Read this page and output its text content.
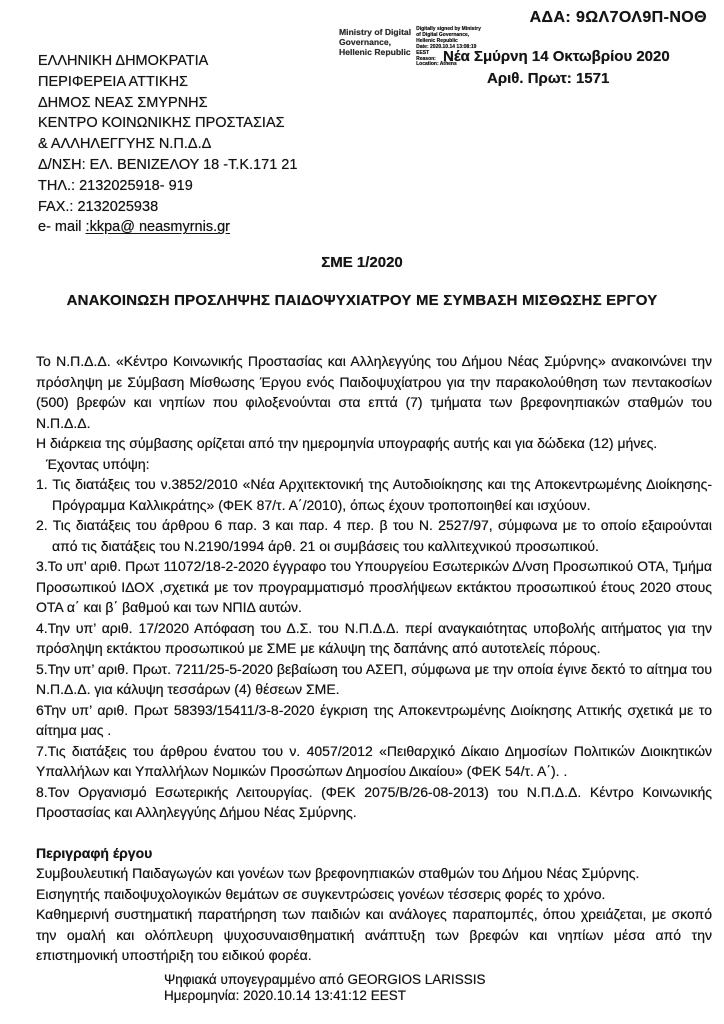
ΑΔΑ: 9ΩΛ7ΟΛ9Π-ΝΟΘ
Ministry of Digital
Governance,
Hellenic Republic
Digitally signed by Ministry
of Digital Governance,
Hellenic Republic
Date: 2020.10.14 13:08:19
EEST
Reason:
Location: Athens
Νέα Σμύρνη 14 Οκτωβρίου 2020
Αριθ. Πρωτ: 1571
ΕΛΛΗΝΙΚΗ ΔΗΜΟΚΡΑΤΙΑ
ΠΕΡΙΦΕΡΕΙΑ ΑΤΤΙΚΗΣ
ΔΗΜΟΣ ΝΕΑΣ ΣΜΥΡΝΗΣ
ΚΕΝΤΡΟ ΚΟΙΝΩΝΙΚΗΣ ΠΡΟΣΤΑΣΙΑΣ
& ΑΛΛΗΛΕΓΓΥΗΣ Ν.Π.Δ.Δ
Δ/ΝΣΗ: ΕΛ. ΒΕΝΙΖΕΛΟΥ 18 -Τ.Κ.171 21
ΤΗΛ.: 2132025918- 919
FAX.: 2132025938
e- mail :kkpa@ neasmyrnis.gr
ΣΜΕ 1/2020
ΑΝΑΚΟΙΝΩΣΗ ΠΡΟΣΛΗΨΗΣ ΠΑΙΔΟΨΥΧΙΑΤΡΟΥ ΜΕ ΣΥΜΒΑΣΗ ΜΙΣΘΩΣΗΣ ΕΡΓΟΥ

Το Ν.Π.Δ.Δ. «Κέντρο Κοινωνικής Προστασίας και Αλληλεγγύης του Δήμου Νέας Σμύρνης» ανακοινώνει την πρόσληψη με Σύμβαση Μίσθωσης Έργου ενός Παιδοψυχίατρου για την παρακολούθηση των πεντακοσίων (500) βρεφών και νηπίων που φιλοξενούνται στα επτά (7) τμήματα των βρεφονηπιακών σταθμών του Ν.Π.Δ.Δ.

Η διάρκεια της σύμβασης ορίζεται από την ημερομηνία υπογραφής αυτής και για δώδεκα (12) μήνες.

Έχοντας υπόψη:

1. Τις διατάξεις του ν.3852/2010 «Νέα Αρχιτεκτονική της Αυτοδιοίκησης και της Αποκεντρωμένης Διοίκησης- Πρόγραμμα Καλλικράτης» (ΦΕΚ 87/τ. Α΄/2010), όπως έχουν τροποποιηθεί και ισχύουν.
2. Τις διατάξεις του άρθρου 6 παρ. 3 και παρ. 4 περ. β του Ν. 2527/97, σύμφωνα με το οποίο εξαιρούνται από τις διατάξεις του Ν.2190/1994 άρθ. 21 οι συμβάσεις του καλλιτεχνικού προσωπικού.
3.Το υπ’ αριθ. Πρωτ 11072/18-2-2020 έγγραφο του Υπουργείου Εσωτερικών Δ/νση Προσωπικού ΟΤΑ, Τμήμα Προσωπικού ΙΔΟΧ ,σχετικά με τον προγραμματισμό προσλήψεων εκτάκτου προσωπικού έτους 2020 στους ΟΤΑ α΄ και β΄ βαθμού και των ΝΠΙΔ αυτών.
4.Την υπ’ αριθ. 17/2020 Απόφαση του Δ.Σ. του Ν.Π.Δ.Δ. περί αναγκαιότητας υποβολής αιτήματος για την πρόσληψη εκτάκτου προσωπικού με ΣΜΕ με κάλυψη της δαπάνης από αυτοτελείς πόρους.
5.Την υπ’ αριθ. Πρωτ. 7211/25-5-2020 βεβαίωση του ΑΣΕΠ, σύμφωνα με την οποία έγινε δεκτό το αίτημα του Ν.Π.Δ.Δ. για κάλυψη τεσσάρων (4) θέσεων ΣΜΕ.
6Την υπ’ αριθ. Πρωτ 58393/15411/3-8-2020 έγκριση της Αποκεντρωμένης Διοίκησης Αττικής σχετικά με το αίτημα μας .
7.Τις διατάξεις του άρθρου ένατου του ν. 4057/2012 «Πειθαρχικό Δίκαιο Δημοσίων Πολιτικών Διοικητικών Υπαλλήλων και Υπαλλήλων Νομικών Προσώπων Δημοσίου Δικαίου» (ΦΕΚ 54/τ. Α΄). .
8.Τον Οργανισμό Εσωτερικής Λειτουργίας. (ΦΕΚ 2075/Β/26-08-2013) του Ν.Π.Δ.Δ. Κέντρο Κοινωνικής Προστασίας και Αλληλεγγύης Δήμου Νέας Σμύρνης.
Περιγραφή έργου

Συμβουλευτική Παιδαγωγών και γονέων των βρεφονηπιακών σταθμών του Δήμου Νέας Σμύρνης.

Εισηγητής παιδοψυχολογικών θεμάτων σε συγκεντρώσεις γονέων τέσσερις φορές το χρόνο.

Καθημερινή συστηματική παρατήρηση των παιδιών και ανάλογες παραπομπές, όπου χρειάζεται, με σκοπό την ομαλή και ολόπλευρη ψυχοσυναισθηματική ανάπτυξη των βρεφών και νηπίων μέσα από την επιστημονική υποστήριξη του ειδικού φορέα.

Ψηφιακά υπογεγραμμένο από GEORGIOS LARISSIS
Ημερομηνία: 2020.10.14 13:41:12 EEST
